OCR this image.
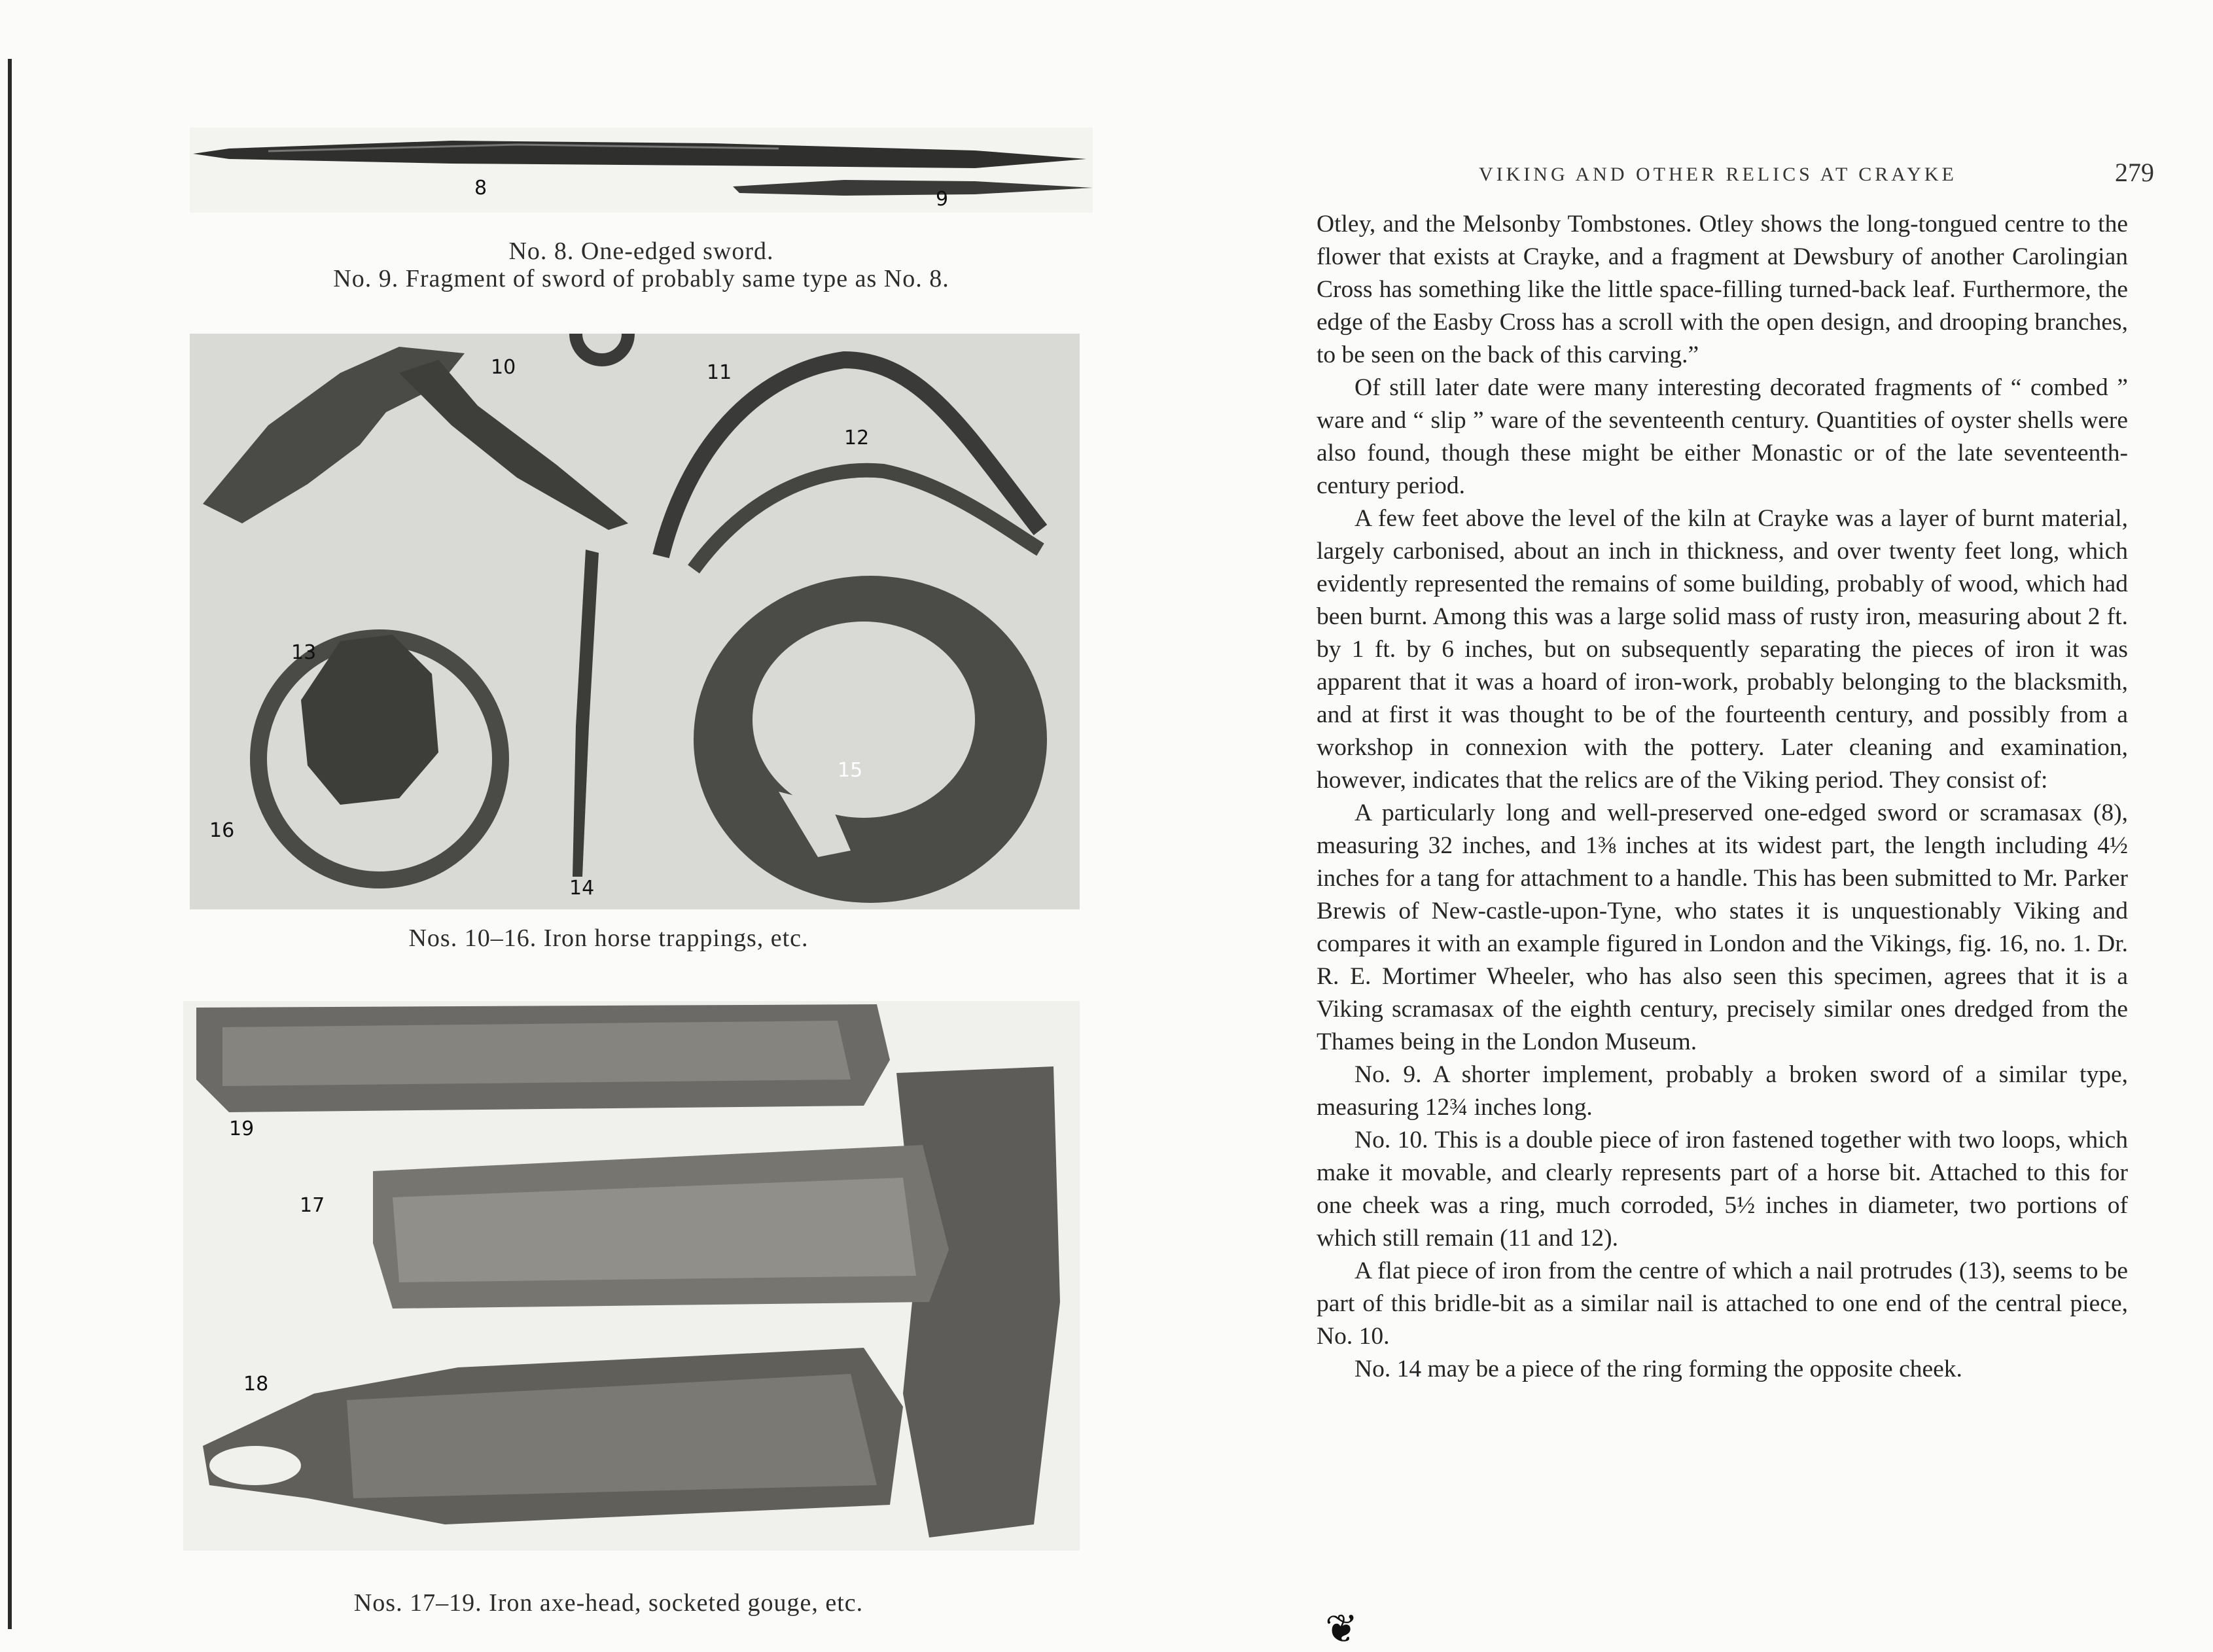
8	9
No. 8. One-edged sword.
No. 9. Fragment of sword of probably same type as No. 8.
10	11
12
13
14
15
16
Nos. 10–16. Iron horse trappings, etc.
19
17
18
Nos. 17–19. Iron axe-head, socketed gouge, etc.
VIKING AND OTHER RELICS AT CRAYKE	279

Otley, and the Melsonby Tombstones. Otley shows the long-tongued centre to the flower that exists at Crayke, and a fragment at Dewsbury of another Carolingian Cross has something like the little space-filling turned-back leaf. Furthermore, the edge of the Easby Cross has a scroll with the open design, and drooping branches, to be seen on the back of this carving.”

Of still later date were many interesting decorated fragments of “ combed ” ware and “ slip ” ware of the seventeenth century. Quantities of oyster shells were also found, though these might be either Monastic or of the late seventeenth-century period.

A few feet above the level of the kiln at Crayke was a layer of burnt material, largely carbonised, about an inch in thickness, and over twenty feet long, which evidently represented the remains of some building, probably of wood, which had been burnt. Among this was a large solid mass of rusty iron, measuring about 2 ft. by 1 ft. by 6 inches, but on subsequently separating the pieces of iron it was apparent that it was a hoard of iron-work, probably belonging to the blacksmith, and at first it was thought to be of the fourteenth century, and possibly from a workshop in connexion with the pottery. Later cleaning and examination, however, indicates that the relics are of the Viking period. They consist of:

A particularly long and well-preserved one-edged sword or scramasax (8), measuring 32 inches, and 1⅜ inches at its widest part, the length including 4½ inches for a tang for attachment to a handle. This has been submitted to Mr. Parker Brewis of New-castle-upon-Tyne, who states it is unquestionably Viking and compares it with an example figured in London and the Vikings, fig. 16, no. 1. Dr. R. E. Mortimer Wheeler, who has also seen this specimen, agrees that it is a Viking scramasax of the eighth century, precisely similar ones dredged from the Thames being in the London Museum.

No. 9. A shorter implement, probably a broken sword of a similar type, measuring 12¾ inches long.

No. 10. This is a double piece of iron fastened together with two loops, which make it movable, and clearly represents part of a horse bit. Attached to this for one cheek was a ring, much corroded, 5½ inches in diameter, two portions of which still remain (11 and 12).

A flat piece of iron from the centre of which a nail protrudes (13), seems to be part of this bridle-bit as a similar nail is attached to one end of the central piece, No. 10.

No. 14 may be a piece of the ring forming the opposite cheek.

❦
